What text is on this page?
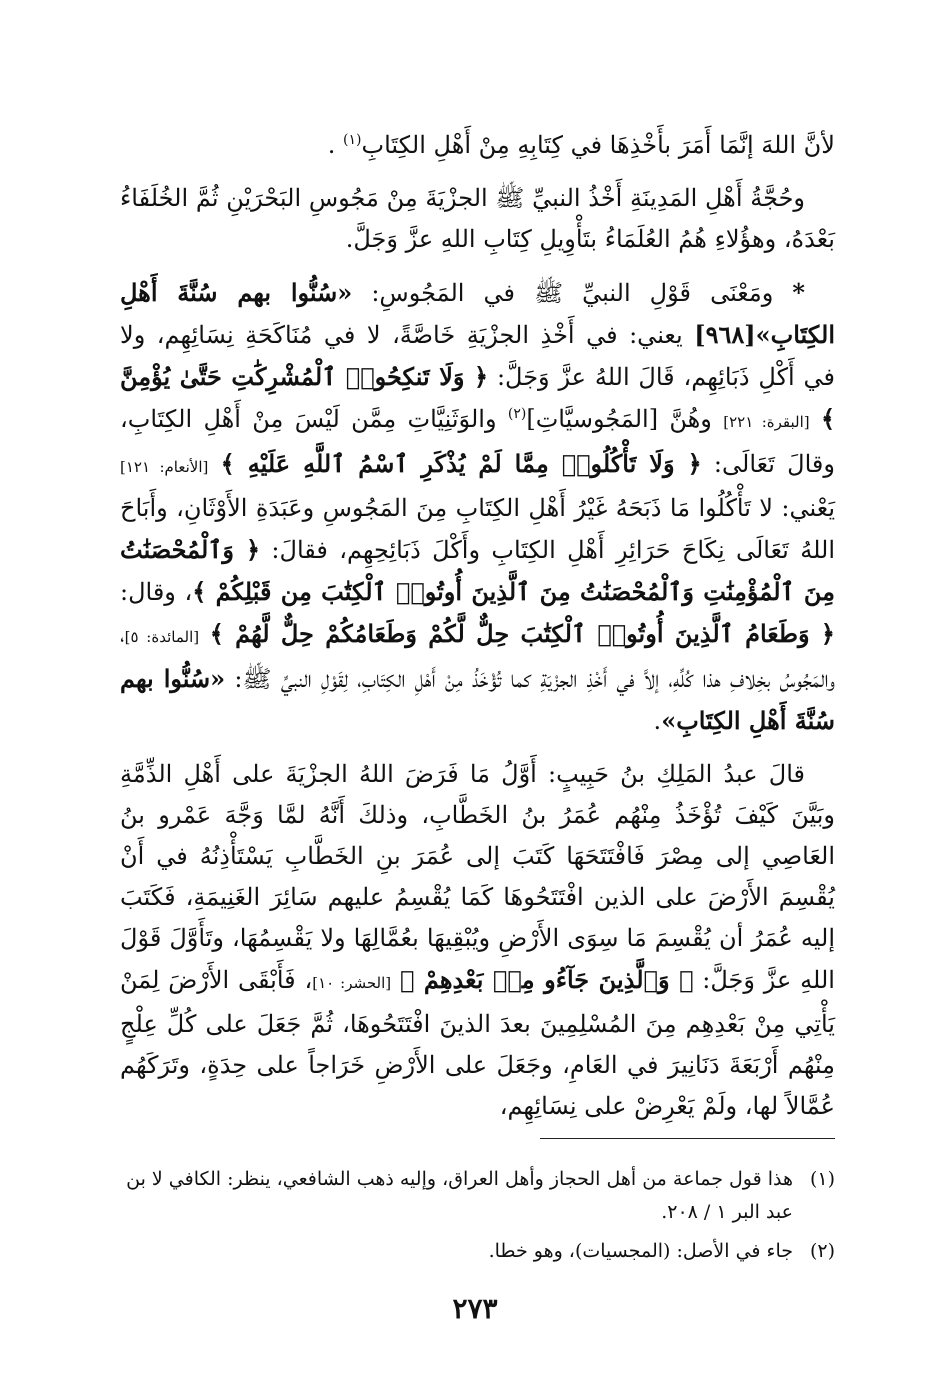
لأنَّ اللهَ إنَّمَا أَمَرَ بأَخْذِهَا في كِتَابِهِ مِنْ أَهْلِ الكِتَابِ$^{(١)}$ .

وحُجَّةُ أَهْلِ المَدِينَةِ أَخْذُ النبيِّ ﷺ الجزْيَةَ مِنْ مَجُوسِ البَحْرَيْنِ ثُمَّ الخُلَفَاءُ بَعْدَهُ، وهؤُلاءِ هُمُ العُلَمَاءُ بتَأْوِيلِ كِتَابِ اللهِ عزَّ وَجَلَّ.

* ومَعْنَى قَوْلِ النبيِّ ﷺ في المَجُوسِ: «سُنُّوا بهم سُنَّةَ أَهْلِ الكِتَابِ»[٩٦٨] يعني: في أَخْذِ الجزْيَةِ خَاصَّةً، لا في مُنَاكَحَةِ نِسَائِهِم، ولا في أَكْلِ ذَبَائِهِم، قَالَ اللهُ عزَّ وَجَلَّ: ﴿ وَلَا تَنكِحُوا۟ ٱلْمُشْرِكَٰتِ حَتَّىٰ يُؤْمِنَّ ﴾ [البقرة: ٢٢١] وهُنَّ [المَجُوسيَّاتِ]$^{(٢)}$ والوَثَنِيَّاتِ مِمَّن لَيْسَ مِنْ أَهْلِ الكِتَابِ، وقالَ تَعَالَى: ﴿ وَلَا تَأْكُلُوا۟ مِمَّا لَمْ يُذْكَرِ ٱسْمُ ٱللَّهِ عَلَيْهِ ﴾ [الأنعام: ١٢١] يَعْني: لا تَأْكُلُوا مَا ذَبَحَهُ غَيْرُ أَهْلِ الكِتَابِ مِنَ المَجُوسِ وعَبَدَةِ الأَوْثَانِ، وأَبَاحَ اللهُ تَعَالَى نِكَاحَ حَرَائِرِ أَهْلِ الكِتَابِ وأَكْلَ ذَبَائِحِهِم، فقالَ: ﴿ وَٱلْمُحْصَنَٰتُ مِنَ ٱلْمُؤْمِنَٰتِ وَٱلْمُحْصَنَٰتُ مِنَ ٱلَّذِينَ أُوتُوا۟ ٱلْكِتَٰبَ مِن قَبْلِكُمْ ﴾، وقال: ﴿ وَطَعَامُ ٱلَّذِينَ أُوتُوا۟ ٱلْكِتَٰبَ حِلٌّ لَّكُمْ وَطَعَامُكُمْ حِلٌّ لَّهُمْ ﴾ [المائدة: ٥]، والمَجُوسُ بخِلافِ هذا كُلِّهِ، إلاَّ في أَخْذِ الجزْيَةِ كما تُؤْخَذُ مِنْ أَهْلِ الكِتَابِ، لِقَوْلِ النبيِّ ﷺ: «سُنُّوا بهم سُنَّةَ أَهْلِ الكِتَابِ».

قالَ عبدُ المَلِكِ بنُ حَبِيبٍ: أَوَّلُ مَا فَرَضَ اللهُ الجزْيَةَ على أَهْلِ الذِّمَّةِ وبَيَّنَ كَيْفَ تُؤْخَذُ مِنْهُم عُمَرُ بنُ الخَطَّابِ، وذلكَ أَنَّهُ لمَّا وَجَّهَ عَمْرو بنُ العَاصِي إلى مِصْرَ فَافْتَتَحَهَا كَتَبَ إلى عُمَرَ بنِ الخَطَّابِ يَسْتَأْذِنُهُ في أَنْ يُقْسِمَ الأَرْضَ على الذين افْتَتَحُوهَا كَمَا يُقْسِمُ عليهم سَائِرَ الغَنِيمَةِ، فَكَتَبَ إليه عُمَرُ أن يُقْسِمَ مَا سِوَى الأَرْضِ ويُبْقِيهَا بعُمَّالِهَا ولا يَقْسِمُهَا، وتَأَوَّلَ قَوْلَ اللهِ عزَّ وَجَلَّ: ﴿ وَٱلَّذِينَ جَآءُو مِنۢ بَعْدِهِمْ ﴾ [الحشر: ١٠]، فَأَبْقَى الأَرْضَ لِمَنْ يَأْتِي مِنْ بَعْدِهِم مِنَ المُسْلِمِينَ بعدَ الذينَ افْتَتَحُوهَا، ثُمَّ جَعَلَ على كُلِّ عِلْجٍ مِنْهُم أَرْبَعَةَ دَنَانِيرَ في العَامِ، وجَعَلَ على الأَرْضِ خَرَاجاً على حِدَةٍ، وتَرَكَهُم عُمَّالاً لها، ولَمْ يَعْرِضْ على نِسَائِهِم،

(١)
هذا قول جماعة من أهل الحجاز وأهل العراق، وإليه ذهب الشافعي، ينظر: الكافي لا بن عبد البر ١ / ٢٠٨.

(٢)
جاء في الأصل: (المجسيات)، وهو خطا.

٢٧٣
